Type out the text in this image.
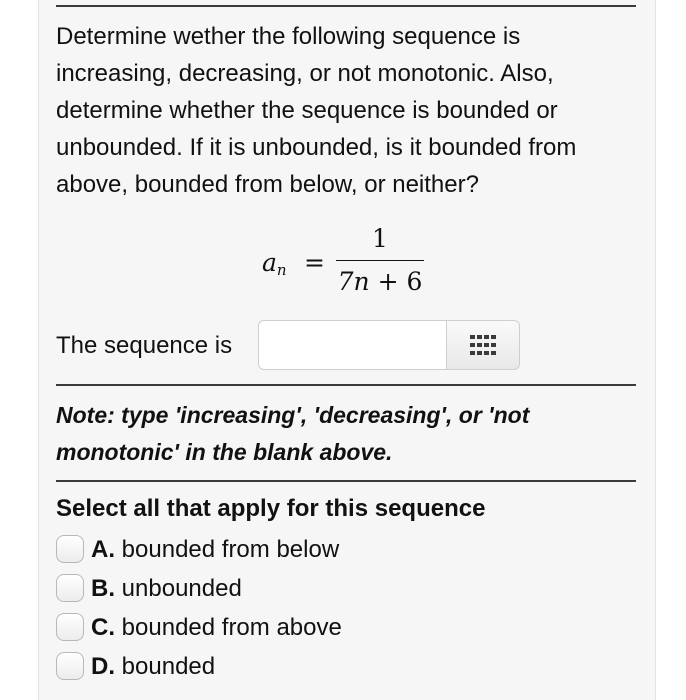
Determine wether the following sequence is increasing, decreasing, or not monotonic. Also, determine whether the sequence is bounded or unbounded. If it is unbounded, is it bounded from above, bounded from below, or neither?
$a_n$ =
1
7n + 6
The sequence is
Note: type 'increasing', 'decreasing', or 'not monotonic' in the blank above.
Select all that apply for this sequence
A. bounded from below
B. unbounded
C. bounded from above
D. bounded
